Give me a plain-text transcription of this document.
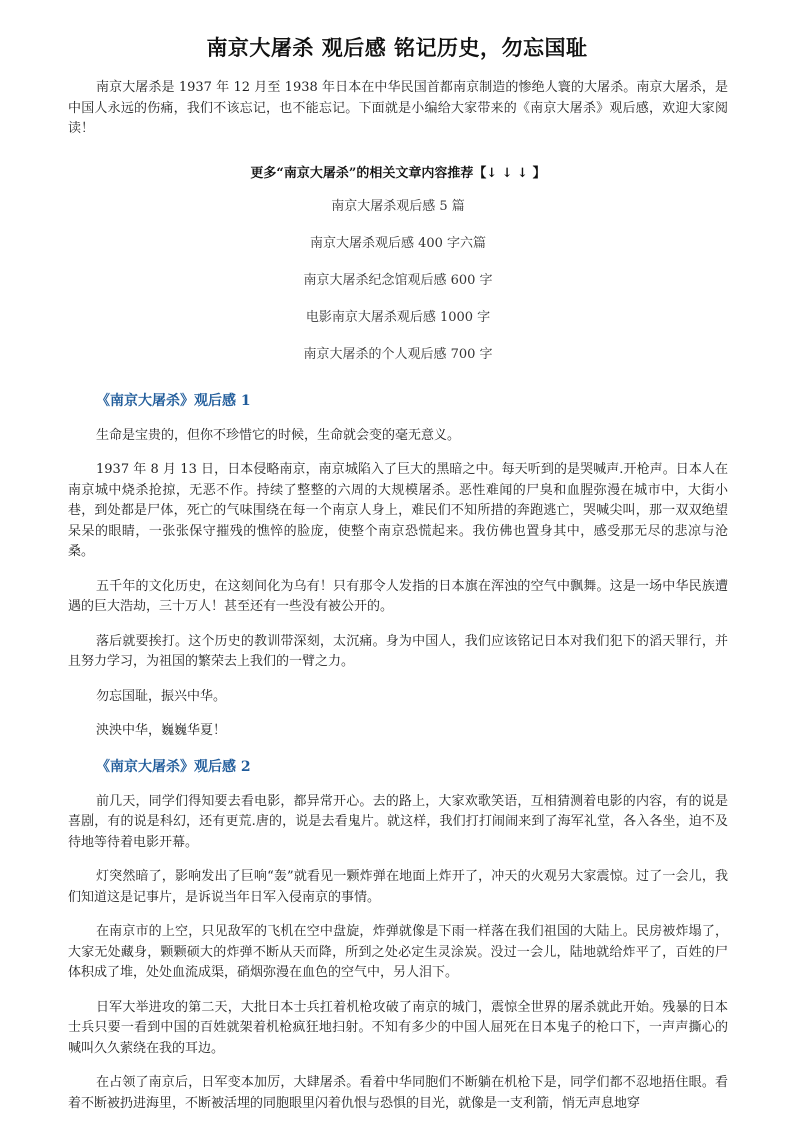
南京大屠杀 观后感 铭记历史，勿忘国耻

南京大屠杀是 1937 年 12 月至 1938 年日本在中华民国首都南京制造的惨绝人寰的大屠杀。南京大屠杀，是中国人永远的伤痛，我们不该忘记，也不能忘记。下面就是小编给大家带来的《南京大屠杀》观后感，欢迎大家阅读！

更多“南京大屠杀”的相关文章内容推荐【↓ ↓ ↓ 】
南京大屠杀观后感 5 篇
南京大屠杀观后感 400 字六篇
南京大屠杀纪念馆观后感 600 字
电影南京大屠杀观后感 1000 字
南京大屠杀的个人观后感 700 字
《南京大屠杀》观后感 1

生命是宝贵的，但你不珍惜它的时候，生命就会变的毫无意义。

1937 年 8 月 13 日，日本侵略南京，南京城陷入了巨大的黑暗之中。每天听到的是哭喊声.开枪声。日本人在南京城中烧杀抢掠，无恶不作。持续了整整的六周的大规模屠杀。恶性难闻的尸臭和血腥弥漫在城市中，大街小巷，到处都是尸体，死亡的气味围绕在每一个南京人身上，难民们不知所措的奔跑逃亡，哭喊尖叫，那一双双绝望呆呆的眼睛，一张张保守摧残的憔悴的脸庞，使整个南京恐慌起来。我仿佛也置身其中，感受那无尽的悲凉与沧桑。

五千年的文化历史，在这刻间化为乌有！只有那令人发指的日本旗在浑浊的空气中飘舞。这是一场中华民族遭遇的巨大浩劫，三十万人！甚至还有一些没有被公开的。

落后就要挨打。这个历史的教训带深刻，太沉痛。身为中国人，我们应该铭记日本对我们犯下的滔天罪行，并且努力学习，为祖国的繁荣去上我们的一臂之力。

勿忘国耻，振兴中华。

泱泱中华，巍巍华夏！

《南京大屠杀》观后感 2

前几天，同学们得知要去看电影，都异常开心。去的路上，大家欢歌笑语，互相猜测着电影的内容，有的说是喜剧，有的说是科幻，还有更荒.唐的，说是去看鬼片。就这样，我们打打闹闹来到了海军礼堂，各入各坐，迫不及待地等待着电影开幕。

灯突然暗了，影响发出了巨响“轰”就看见一颗炸弹在地面上炸开了，冲天的火观另大家震惊。过了一会儿，我们知道这是记事片，是诉说当年日军入侵南京的事情。

在南京市的上空，只见敌军的飞机在空中盘旋，炸弹就像是下雨一样落在我们祖国的大陆上。民房被炸塌了，大家无处藏身，颗颗硕大的炸弹不断从天而降，所到之处必定生灵涂炭。没过一会儿，陆地就给炸平了，百姓的尸体积成了堆，处处血流成渠，硝烟弥漫在血色的空气中，另人泪下。

日军大举进攻的第二天，大批日本士兵扛着机枪攻破了南京的城门，震惊全世界的屠杀就此开始。残暴的日本士兵只要一看到中国的百姓就架着机枪疯狂地扫射。不知有多少的中国人屈死在日本鬼子的枪口下，一声声撕心的喊叫久久萦绕在我的耳边。

在占领了南京后，日军变本加厉，大肆屠杀。看着中华同胞们不断躺在机枪下是，同学们都不忍地捂住眼。看着不断被扔进海里，不断被活埋的同胞眼里闪着仇恨与恐惧的目光，就像是一支利箭，悄无声息地穿
